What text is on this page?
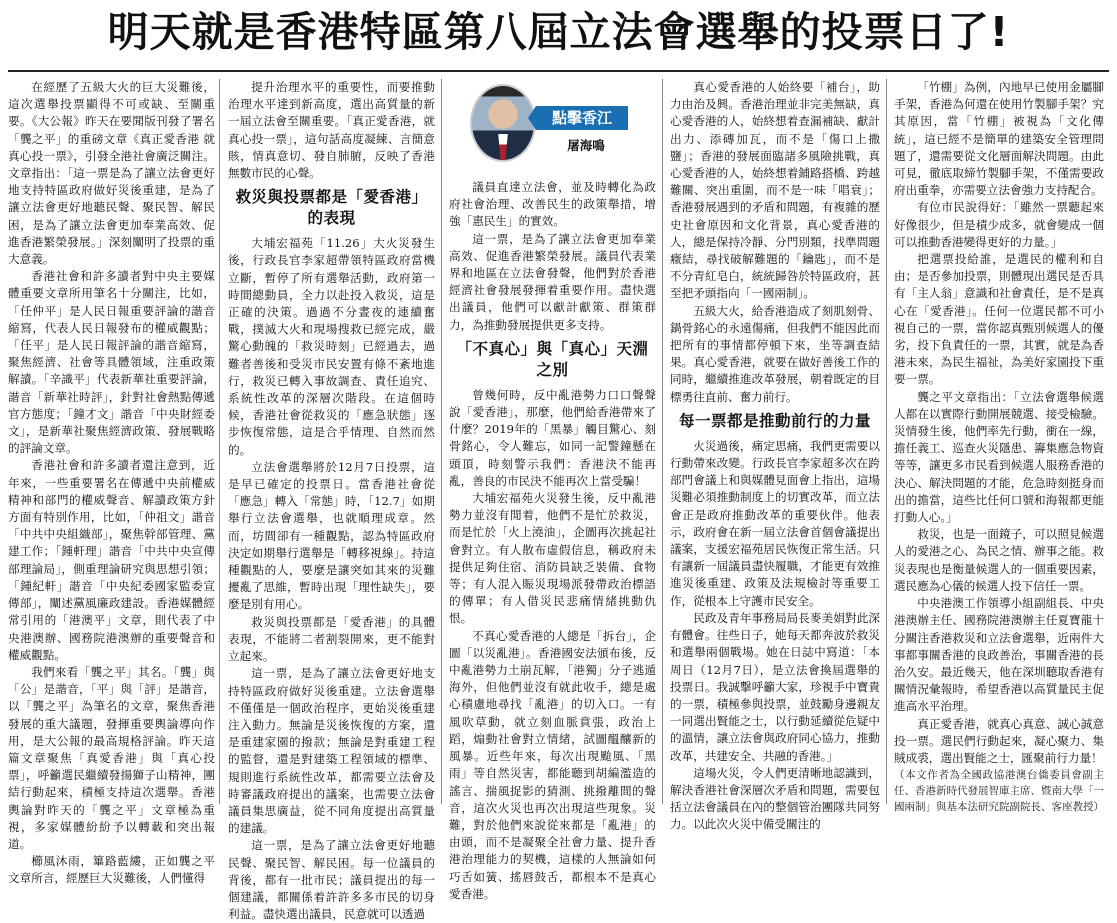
明天就是香港特區第八屆立法會選舉的投票日了!

在經歷了五級大火的巨大災難後，這次選舉投票顯得不可或缺、至關重要。《大公報》昨天在要聞版刊發了署名「龔之平」的重磅文章《真正愛香港 就真心投一票》，引發全港社會廣泛關注。文章指出：「這一票是為了讓立法會更好地支持特區政府做好災後重建，是為了讓立法會更好地聽民聲、聚民智、解民困，是為了讓立法會更加奉業高效、促進香港繁榮發展。」深刻闡明了投票的重大意義。

香港社會和許多讀者對中央主要媒體重要文章所用筆名十分關注，比如，「任仲平」是人民日報重要評論的諧音縮寫，代表人民日報發布的權威觀點；「任平」是人民日報評論的諧音縮寫，聚焦經濟、社會等具體領域，注重政策解讀。「辛識平」代表新華社重要評論，諧音「新華社時評」，針對社會熱點傳遞官方態度；「鐘才文」諧音「中央財經委文」，是新華社聚焦經濟政策、發展戰略的評論文章。

香港社會和許多讀者還注意到，近年來，一些重要署名在傳遞中央前權威精神和部門的權威聲音、解讀政策方針方面有特別作用，比如，「仲祖文」諧音「中共中央組織部」，聚焦幹部管理、黨建工作；「鍾軒理」諧音「中共中央宣傳部理論局」，側重理論研究與思想引領；「鍾紀軒」諧音「中央紀委國家監委宣傳部」，闡述黨風廉政建設。香港媒體經常引用的「港澳平」文章，則代表了中央港澳辦、國務院港澳辦的重要聲音和權威觀點。

我們來看「龔之平」其名。「龔」與「公」是諧音，「平」與「評」是諧音，以「龔之平」為筆名的文章，聚焦香港發展的重大議題，發揮重要輿論導向作用，是大公報的最高規格評論。昨天這篇文章聚焦「真愛香港」與「真心投票」，呼籲選民繼續發揚獅子山精神，團結行動起來，積極支持這次選舉。香港輿論對昨天的「龔之平」文章極為重視，多家媒體紛紛予以轉載和突出報道。

櫛風沐雨，篳路藍縷，正如龔之平文章所言，經歷巨大災難後，人們懂得

提升治理水平的重要性，而要推動治理水平達到新高度，選出高質量的新一屆立法會至關重要。「真正愛香港，就真心投一票」，這句話高度凝練、言簡意賅，情真意切、發自肺腑，反映了香港無數市民的心聲。

救災與投票都是「愛香港」的表現

大埔宏福苑「11.26」大火災發生後，行政長官李家超帶領特區政府當機立斷，暫停了所有選舉活動，政府第一時間總動員，全力以赴投入救災，這是正確的決策。過過不分晝夜的連續奮戰，撲滅大火和現場搜救已經完成，嚴驚心動魄的「救災時刻」已經過去，過難者善後和受災市民安置有條不紊地進行，救災已轉入事故調查、責任追究、系統性改革的深層次階段。在這個時候，香港社會從救災的「應急狀態」逐步恢復常態，這是合乎情理、自然而然的。

立法會選舉將於12月7日投票，這是早已確定的投票日。當香港社會從「應急」轉入「常態」時，「12.7」如期舉行立法會選舉，也就順理成章。然而，坊間卻有一種觀點，認為特區政府決定如期舉行選舉是「轉移視線」。持這種觀點的人，要麼是讓突如其來的災難擾亂了思維，暫時出現「理性缺失」，要麼是別有用心。

救災與投票都是「愛香港」的具體表現，不能將二者割裂開來，更不能對立起來。

這一票，是為了讓立法會更好地支持特區政府做好災後重建。立法會選舉不僅僅是一個政治程序，更始災後重建注入動力。無論是災後恢復的方案，還是重建家園的撥款；無論是對重建工程的監督，還是對建築工程領域的標準、規則進行系統性改革，都需要立法會及時審議政府提出的議案，也需要立法會議員集思廣益，從不同角度提出高質量的建議。

這一票，是為了讓立法會更好地聽民聲、聚民智、解民困。每一位議員的背後，都有一批市民；議員提出的每一個建議，都關係着許許多多市民的切身利益。盡快選出議員，民意就可以透過

點擊香江
屠海鳴

議員直達立法會，並及時轉化為政府社會治理、改善民生的政策舉措，增強「惠民生」的實效。

這一票，是為了讓立法會更加奉業高效、促進香港繁榮發展。議員代表業界和地區在立法會發聲，他們對於香港經濟社會發展發揮着重要作用。盡快選出議員，他們可以獻計獻策、群策群力，為推動發展提供更多支持。

「不真心」與「真心」天淵之別

曾幾何時，反中亂港勢力口口聲聲說「愛香港」，那麼，他們給香港帶來了什麼？2019年的「黑暴」觸目驚心、刻骨銘心，令人難忘，如同一記警鐘懸在頭頂，時刻警示我們：香港決不能再亂，善良的市民決不能再次上當受騙！

大埔宏福苑火災發生後，反中亂港勢力並沒有閒着，他們不是忙於救災，而是忙於「火上澆油」，企圖再次挑起社會對立。有人散布虛假信息，稱政府未提供足夠住宿、消防員缺乏裝備、食物等；有人混入賑災現場派發帶政治標語的傳單；有人借災民悲痛情緒挑動仇恨。

不真心愛香港的人總是「拆台」，企圖「以災亂港」。香港國安法頒布後，反中亂港勢力土崩瓦解，「港獨」分子逃遁海外，但他們並沒有就此收手，總是處心積慮地尋找「亂港」的切入口。一有風吹草動，就立刻血脈賁張，政治上蹈，煽動社會對立情緒，試圖醞釀新的風暴。近些年來，每次出現颱風、「黑雨」等自然災害，都能聽到胡編濫造的謠言、揣風捉影的猜測、挑撥離間的聲音，這次火災也再次出現這些現象。災難，對於他們來說從來都是「亂港」的由頭，而不是凝聚全社會力量、提升香港治理能力的契機，這樣的人無論如何巧舌如簧、搖唇鼓舌，都根本不是真心愛香港。

真心愛香港的人始終要「補台」，助力由治及興。香港治理並非完美無缺，真心愛香港的人，始終想着查漏補缺、獻計出力、添磚加瓦，而不是「傷口上撒鹽」；香港的發展面臨諸多風險挑戰，真心愛香港的人，始終想着鋪路搭橋、跨越難關、突出重圍，而不是一味「唱衰」；香港發展遇到的矛盾和問題，有複雜的歷史社會原因和文化背景，真心愛香港的人，總是保持冷靜、分門別類，找準問題癥結，尋找破解難題的「鑰匙」，而不是不分青紅皂白，統統歸咎於特區政府，甚至把矛頭指向「一國兩制」。

五級大火，給香港造成了刻肌刻骨、鍋骨銘心的永遠傷痛，但我們不能因此而把所有的事情都停頓下來，坐等調查結果。真心愛香港，就要在做好善後工作的同時，繼續推進改革發展，朝着既定的目標勇往直前、奮力前行。

每一票都是推動前行的力量

火災過後，痛定思痛，我們更需要以行動帶來改變。行政長官李家超多次在跨部門會議上和與媒體見面會上指出，這場災難必須推動制度上的切實改革，而立法會正是政府推動改革的重要伙伴。他表示，政府會在新一屆立法會首個會議提出議案，支援宏福苑居民恢復正常生活。只有讓新一屆議員盡快履職，才能更有效推進災後重建、政策及法規檢討等重要工作，從根本上守護市民安全。

民政及青年事務局局長麥美娟對此深有體會。往些日子，她每天都奔波於救災和選舉兩個戰場。她在日誌中寫道：「本周日（12月7日），是立法會換屆選舉的投票日。我誠擊呼籲大家，珍視手中寶貴的一票，積極參與投票，並鼓勵身邊親友一同選出賢能之士，以行動延續從危疑中的溫情，讓立法會與政府同心協力，推動改革，共建安全、共融的香港。」

這場火災，令人們更清晰地認識到，解決香港社會深層次矛盾和問題，需要包括立法會議員在內的整個管治團隊共同努力。以此次火災中備受關注的

「竹棚」為例，內地早已使用金屬腳手架，香港為何還在使用竹製腳手架？究其原因，當「竹棚」被視為「文化傳統」，這已經不是簡單的建築安全管理問題了，還需要從文化層面解決問題。由此可見，徹底取締竹製腳手架，不僅需要政府出重拳，亦需要立法會強力支持配合。

有位市民說得好：「雖然一票聽起來好像很少，但是積少成多，就會變成一個可以推動香港變得更好的力量。」

把選票投給誰，是選民的權利和自由；是否參加投票，則體現出選民是否具有「主人翁」意識和社會責任，是不是真心在「愛香港」。任何一位選民都不可小視自己的一票，當你認真甄別候選人的優劣，投下負責任的一票，其實，就是為香港未來，為民生福祉，為美好家園投下重要一票。

龔之平文章指出：「立法會選舉候選人都在以實際行動開展競選、接受檢驗。災情發生後，他們率先行動，衝在一線，擔任義工、巡查火災隱患、籌集應急物資等等，讓更多市民看到候選人服務香港的決心、解決問題的才能，危急時刻挺身而出的擔當，這些比任何口號和海報都更能打動人心。」

救災，也是一面鏡子，可以照見候選人的愛港之心、為民之情、辦事之能。救災表現也是衡量候選人的一個重要因素，選民應為心儀的候選人投下信任一票。

中央港澳工作領導小組副組長、中央港澳辦主任、國務院港澳辦主任夏寶龍十分關注香港救災和立法會選舉，近兩件大事都事關香港的良政善治，事關香港的長治久安。最近幾天，他在深圳聽取香港有關情況彙報時，希望香港以高質量民主促進高水平治理。

真正愛香港，就真心真意、誠心誠意投一票。選民們行動起來，凝心聚力、集賊成裘，選出賢能之士，匯聚前行力量！

（本文作者為全國政協港澳台僑委員會副主任、香港新時代發展智庫主席、暨南大學「一國兩制」與基本法研究院副院長、客座教授）
